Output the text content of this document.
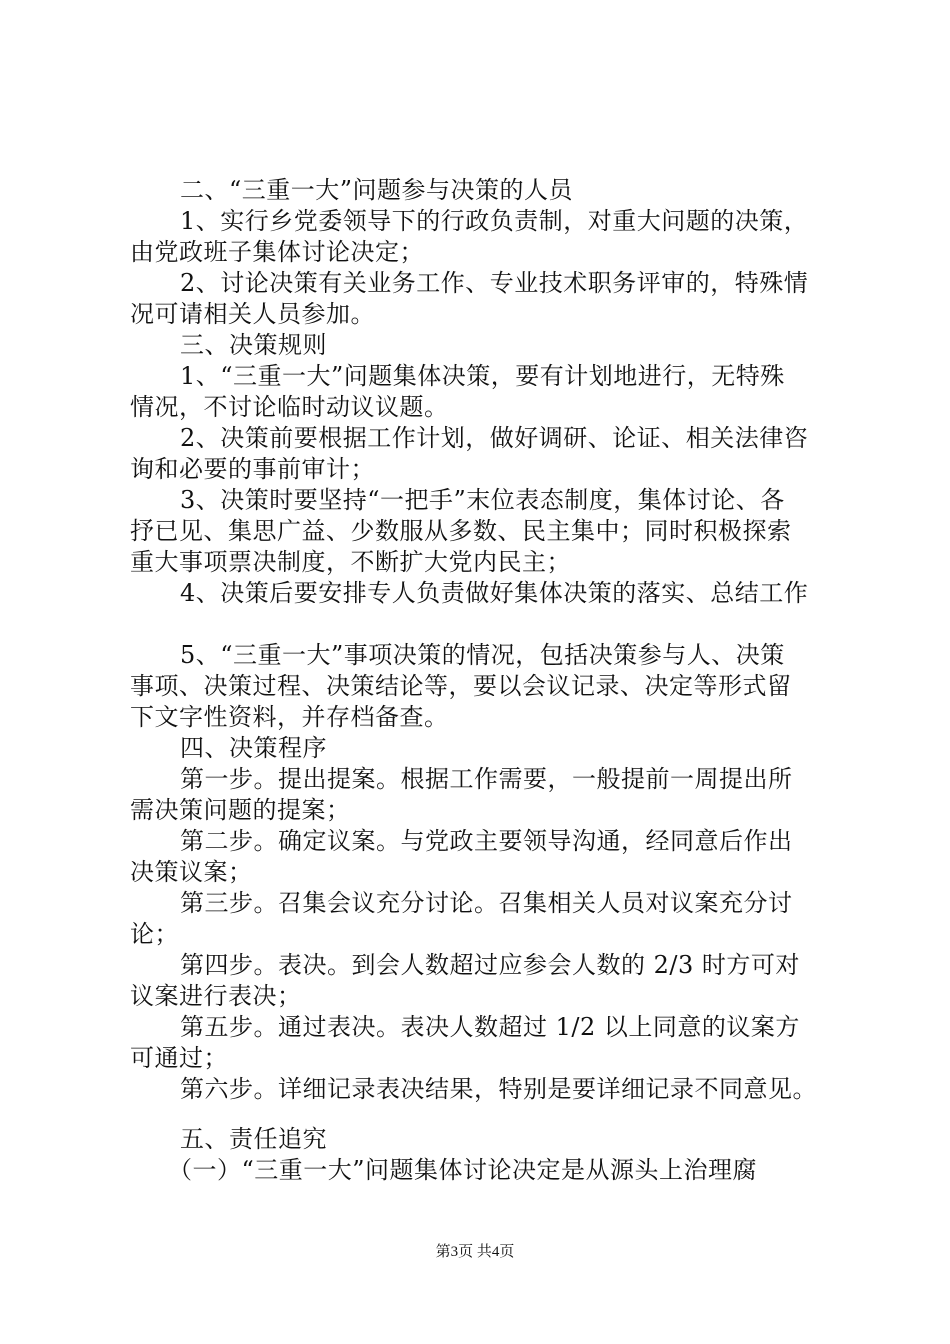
二、“三重一大”问题参与决策的人员
1、实行乡党委领导下的行政负责制，对重大问题的决策，
由党政班子集体讨论决定；
2、讨论决策有关业务工作、专业技术职务评审的，特殊情
况可请相关人员参加。
三、决策规则
1、“三重一大”问题集体决策，要有计划地进行，无特殊
情况，不讨论临时动议议题。
2、决策前要根据工作计划，做好调研、论证、相关法律咨
询和必要的事前审计；
3、决策时要坚持“一把手”末位表态制度，集体讨论、各
抒已见、集思广益、少数服从多数、民主集中；同时积极探索
重大事项票决制度，不断扩大党内民主；
4、决策后要安排专人负责做好集体决策的落实、总结工作
5、“三重一大”事项决策的情况，包括决策参与人、决策
事项、决策过程、决策结论等，要以会议记录、决定等形式留
下文字性资料，并存档备查。
四、决策程序
第一步。提出提案。根据工作需要，一般提前一周提出所
需决策问题的提案；
第二步。确定议案。与党政主要领导沟通，经同意后作出
决策议案；
第三步。召集会议充分讨论。召集相关人员对议案充分讨
论；
第四步。表决。到会人数超过应参会人数的 2/3 时方可对
议案进行表决；
第五步。通过表决。表决人数超过 1/2 以上同意的议案方
可通过；
第六步。详细记录表决结果，特别是要详细记录不同意见。
五、责任追究
（一）“三重一大”问题集体讨论决定是从源头上治理腐
第3页 共4页
